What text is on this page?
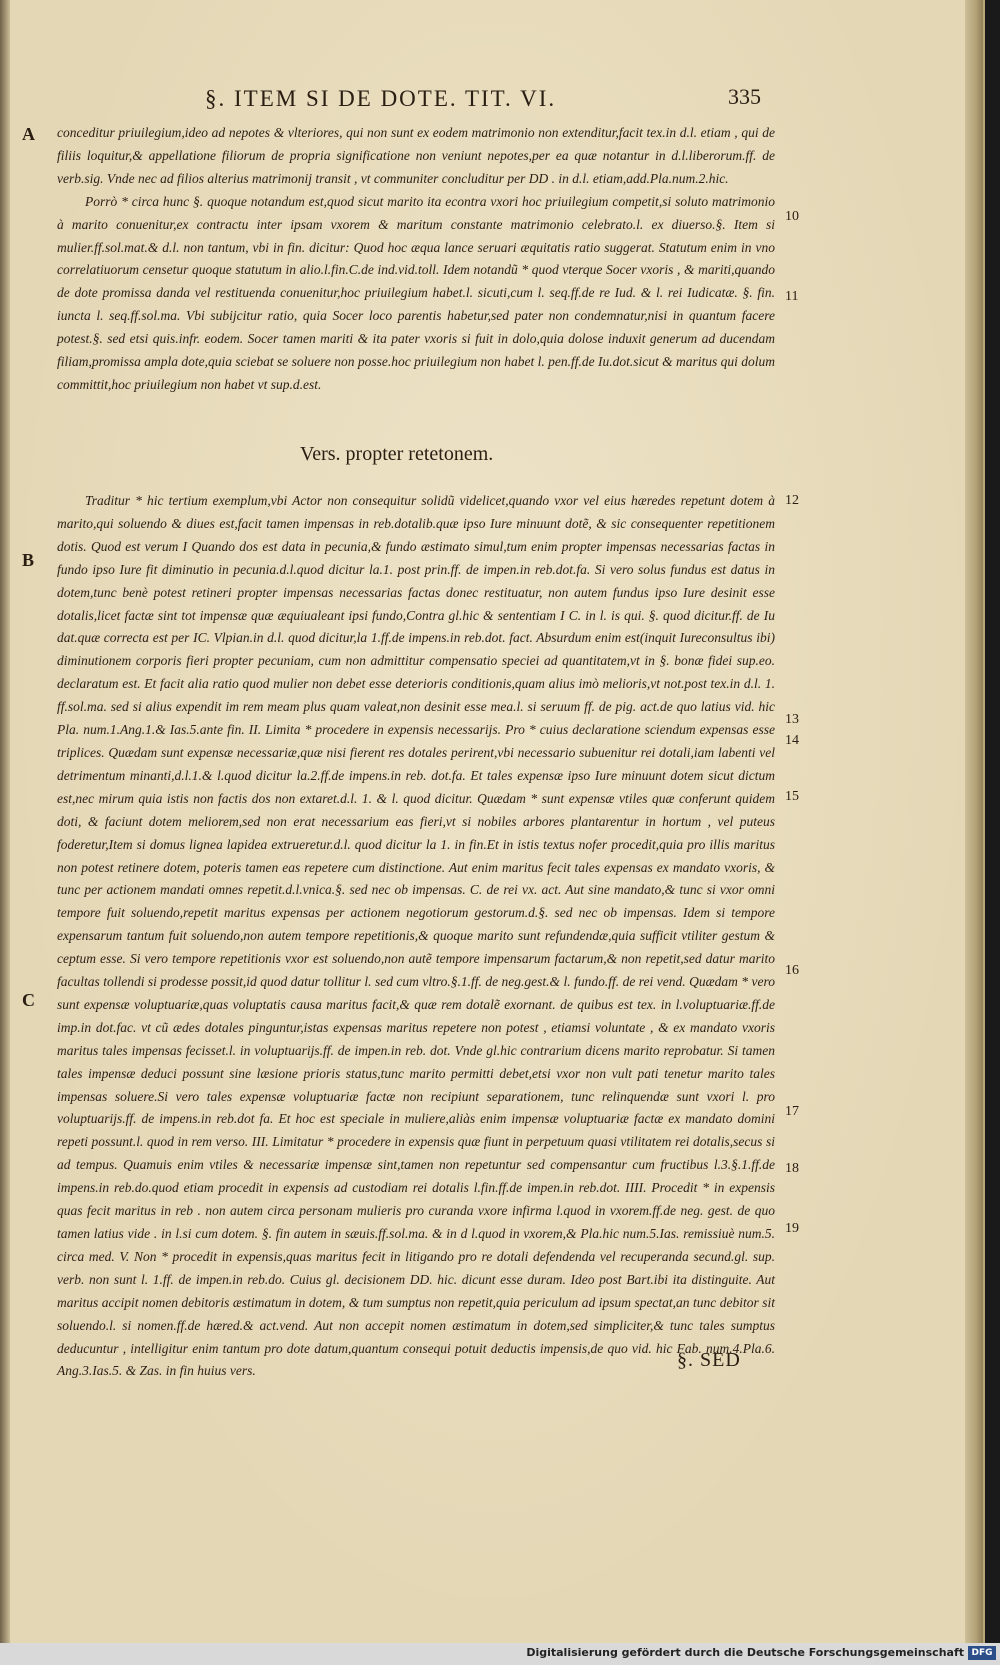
§. ITEM SI DE DOTE. TIT. VI.	335
A
B
C
10
11
12
13
14
15
16
17
18
19

conceditur priuilegium,ideo ad nepotes & vlteriores, qui non sunt ex eodem matrimonio non extenditur,facit tex.in d.l. etiam , qui de filiis loquitur,& appellatione filiorum de propria significatione non veniunt nepotes,per ea quæ notantur in d.l.liberorum.ff. de verb.sig. Vnde nec ad filios alterius matrimonij transit , vt communiter concluditur per DD . in d.l. etiam,add.Pla.num.2.hic.

Porrò * circa hunc §. quoque notandum est,quod sicut marito ita econtra vxori hoc priuilegium competit,si soluto matrimonio à marito conuenitur,ex contractu inter ipsam vxorem & maritum constante matrimonio celebrato.l. ex diuerso.§. Item si mulier.ff.sol.mat.& d.l. non tantum, vbi in fin. dicitur: Quod hoc æqua lance seruari æquitatis ratio suggerat. Statutum enim in vno correlatiuorum censetur quoque statutum in alio.l.fin.C.de ind.vid.toll. Idem notandũ * quod vterque Socer vxoris , & mariti,quando de dote promissa danda vel restituenda conuenitur,hoc priuilegium habet.l. sicuti,cum l. seq.ff.de re Iud. & l. rei Iudicatæ. §. fin. iuncta l. seq.ff.sol.ma. Vbi subijcitur ratio, quia Socer loco parentis habetur,sed pater non condemnatur,nisi in quantum facere potest.§. sed etsi quis.infr. eodem. Socer tamen mariti & ita pater vxoris si fuit in dolo,quia dolose induxit generum ad ducendam filiam,promissa ampla dote,quia sciebat se soluere non posse.hoc priuilegium non habet l. pen.ff.de Iu.dot.sicut & maritus qui dolum committit,hoc priuilegium non habet vt sup.d.est.

Vers. propter retetonem.

Traditur * hic tertium exemplum,vbi Actor non consequitur solidũ videlicet,quando vxor vel eius hæredes repetunt dotem à marito,qui soluendo & diues est,facit tamen impensas in reb.dotalib.quæ ipso Iure minuunt dotẽ, & sic consequenter repetitionem dotis. Quod est verum I Quando dos est data in pecunia,& fundo æstimato simul,tum enim propter impensas necessarias factas in fundo ipso Iure fit diminutio in pecunia.d.l.quod dicitur la.1. post prin.ff. de impen.in reb.dot.fa. Si vero solus fundus est datus in dotem,tunc benè potest retineri propter impensas necessarias factas donec restituatur, non autem fundus ipso Iure desinit esse dotalis,licet factæ sint tot impensæ quæ æquiualeant ipsi fundo,Contra gl.hic & sententiam I C. in l. is qui. §. quod dicitur.ff. de Iu dat.quæ correcta est per IC. Vlpian.in d.l. quod dicitur,la 1.ff.de impens.in reb.dot. fact. Absurdum enim est(inquit Iureconsultus ibi) diminutionem corporis fieri propter pecuniam, cum non admittitur compensatio speciei ad quantitatem,vt in §. bonæ fidei sup.eo. declaratum est. Et facit alia ratio quod mulier non debet esse deterioris conditionis,quam alius imò melioris,vt not.post tex.in d.l. 1. ff.sol.ma. sed si alius expendit im rem meam plus quam valeat,non desinit esse mea.l. si seruum ff. de pig. act.de quo latius vid. hic Pla. num.1.Ang.1.& Ias.5.ante fin. II. Limita * procedere in expensis necessarijs. Pro * cuius declaratione sciendum expensas esse triplices. Quædam sunt expensæ necessariæ,quæ nisi fierent res dotales perirent,vbi necessario subuenitur rei dotali,iam labenti vel detrimentum minanti,d.l.1.& l.quod dicitur la.2.ff.de impens.in reb. dot.fa. Et tales expensæ ipso Iure minuunt dotem sicut dictum est,nec mirum quia istis non factis dos non extaret.d.l. 1. & l. quod dicitur. Quædam * sunt expensæ vtiles quæ conferunt quidem doti, & faciunt dotem meliorem,sed non erat necessarium eas fieri,vt si nobiles arbores plantarentur in hortum , vel puteus foderetur,Item si domus lignea lapidea extrueretur.d.l. quod dicitur la 1. in fin.Et in istis textus nofer procedit,quia pro illis maritus non potest retinere dotem, poteris tamen eas repetere cum distinctione. Aut enim maritus fecit tales expensas ex mandato vxoris, & tunc per actionem mandati omnes repetit.d.l.vnica.§. sed nec ob impensas. C. de rei vx. act. Aut sine mandato,& tunc si vxor omni tempore fuit soluendo,repetit maritus expensas per actionem negotiorum gestorum.d.§. sed nec ob impensas. Idem si tempore expensarum tantum fuit soluendo,non autem tempore repetitionis,& quoque marito sunt refundendæ,quia sufficit vtiliter gestum & ceptum esse. Si vero tempore repetitionis vxor est soluendo,non autẽ tempore impensarum factarum,& non repetit,sed datur marito facultas tollendi si prodesse possit,id quod datur tollitur l. sed cum vltro.§.1.ff. de neg.gest.& l. fundo.ff. de rei vend. Quædam * vero sunt expensæ voluptuariæ,quas voluptatis causa maritus facit,& quæ rem dotalẽ exornant. de quibus est tex. in l.voluptuariæ.ff.de imp.in dot.fac. vt cũ ædes dotales pinguntur,istas expensas maritus repetere non potest , etiamsi voluntate , & ex mandato vxoris maritus tales impensas fecisset.l. in voluptuarijs.ff. de impen.in reb. dot. Vnde gl.hic contrarium dicens marito reprobatur. Si tamen tales impensæ deduci possunt sine læsione prioris status,tunc marito permitti debet,etsi vxor non vult pati tenetur marito tales impensas soluere.Si vero tales expensæ voluptuariæ factæ non recipiunt separationem, tunc relinquendæ sunt vxori l. pro voluptuarijs.ff. de impens.in reb.dot fa. Et hoc est speciale in muliere,aliàs enim impensæ voluptuariæ factæ ex mandato domini repeti possunt.l. quod in rem verso. III. Limitatur * procedere in expensis quæ fiunt in perpetuum quasi vtilitatem rei dotalis,secus si ad tempus. Quamuis enim vtiles & necessariæ impensæ sint,tamen non repetuntur sed compensantur cum fructibus l.3.§.1.ff.de impens.in reb.do.quod etiam procedit in expensis ad custodiam rei dotalis l.fin.ff.de impen.in reb.dot. IIII. Procedit * in expensis quas fecit maritus in reb . non autem circa personam mulieris pro curanda vxore infirma l.quod in vxorem.ff.de neg. gest. de quo tamen latius vide . in l.si cum dotem. §. fin autem in sæuis.ff.sol.ma. & in d l.quod in vxorem,& Pla.hic num.5.Ias. remissiuè num.5. circa med. V. Non * procedit in expensis,quas maritus fecit in litigando pro re dotali defendenda vel recuperanda secund.gl. sup. verb. non sunt l. 1.ff. de impen.in reb.do. Cuius gl. decisionem DD. hic. dicunt esse duram. Ideo post Bart.ibi ita distinguite. Aut maritus accipit nomen debitoris æstimatum in dotem, & tum sumptus non repetit,quia periculum ad ipsum spectat,an tunc debitor sit soluendo.l. si nomen.ff.de hæred.& act.vend. Aut non accepit nomen æstimatum in dotem,sed simpliciter,& tunc tales sumptus deducuntur , intelligitur enim tantum pro dote datum,quantum consequi potuit deductis impensis,de quo vid. hic Fab. num.4.Pla.6. Ang.3.Ias.5. & Zas. in fin huius vers.	§. SED
Digitalisierung gefördert durch die Deutsche Forschungsgemeinschaft DFG
